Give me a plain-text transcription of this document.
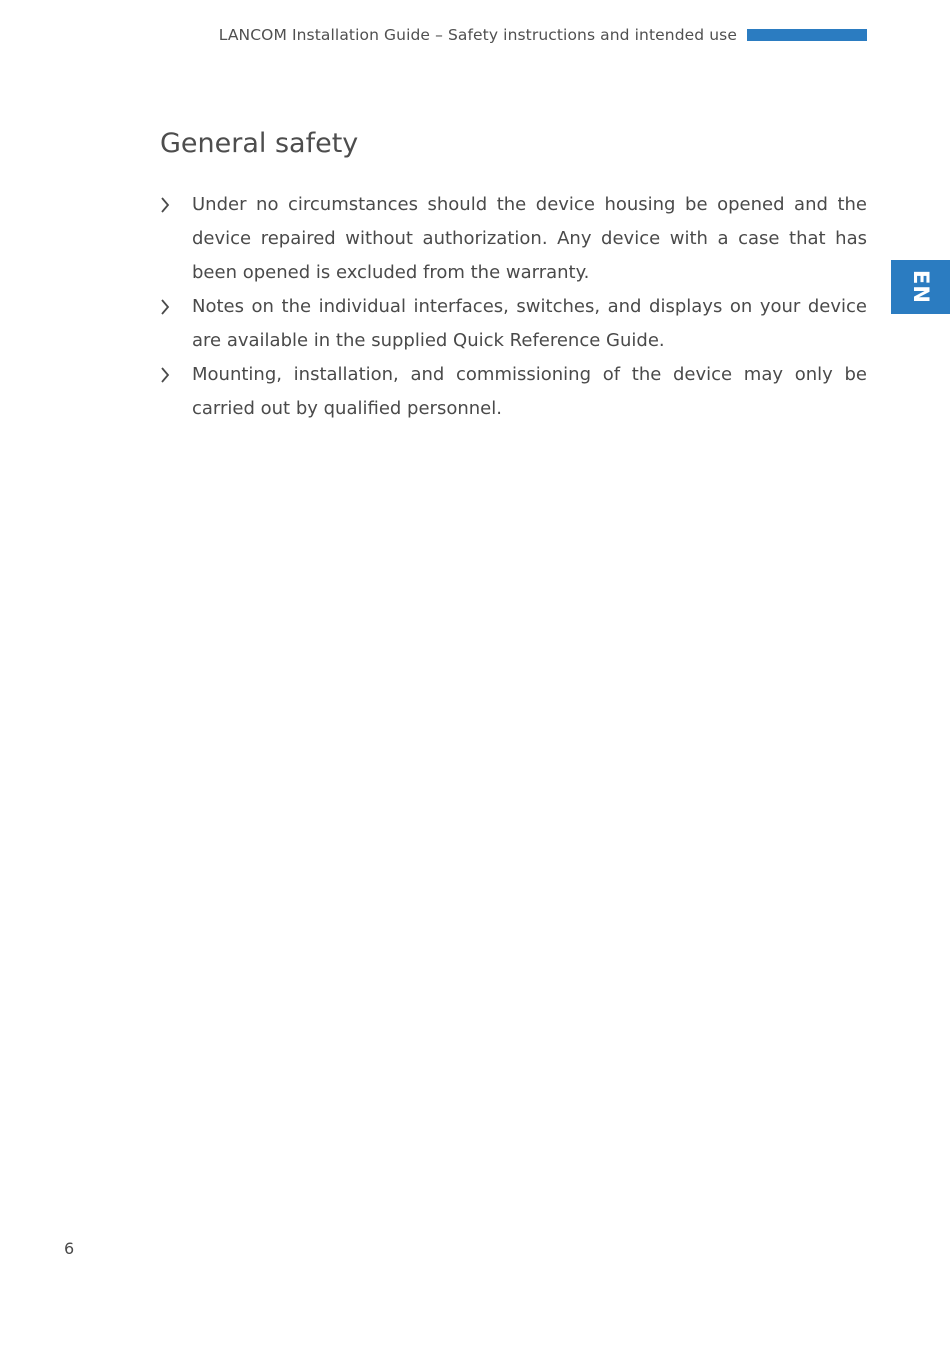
LANCOM Installation Guide – Safety instructions and intended use
EN
General safety
Under no circumstances should the device housing be opened and the device repaired without authorization. Any device with a case that has been opened is excluded from the warranty.
Notes on the individual interfaces, switches, and displays on your device are available in the supplied Quick Reference Guide.
Mounting, installation, and commissioning of the device may only be carried out by qualified personnel.
6
